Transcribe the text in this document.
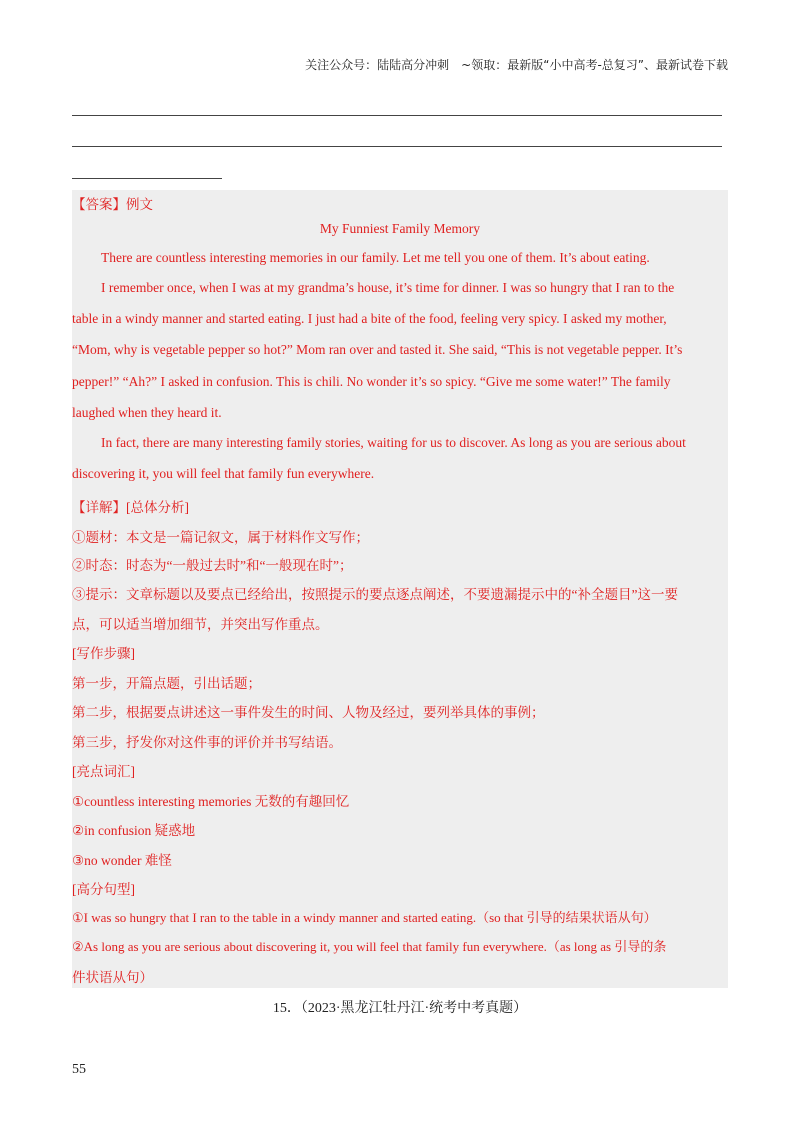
关注公众号：陆陆高分冲刺　~领取：最新版“小中高考-总复习”、最新试卷下载
【答案】例文
My Funniest Family Memory
There are countless interesting memories in our family. Let me tell you one of them. It’s about eating.
I remember once, when I was at my grandma’s house, it’s time for dinner. I was so hungry that I ran to the
table in a windy manner and started eating. I just had a bite of the food, feeling very spicy. I asked my mother,
“Mom, why is vegetable pepper so hot?” Mom ran over and tasted it. She said, “This is not vegetable pepper. It’s
pepper!” “Ah?” I asked in confusion. This is chili. No wonder it’s so spicy. “Give me some water!” The family
laughed when they heard it.
In fact, there are many interesting family stories, waiting for us to discover. As long as you are serious about
discovering it, you will feel that family fun everywhere.
【详解】[总体分析]
①题材：本文是一篇记叙文，属于材料作文写作；
②时态：时态为“一般过去时”和“一般现在时”；
③提示：文章标题以及要点已经给出，按照提示的要点逐点阐述，不要遗漏提示中的“补全题目”这一要
点，可以适当增加细节，并突出写作重点。
[写作步骤]
第一步，开篇点题，引出话题；
第二步，根据要点讲述这一事件发生的时间、人物及经过，要列举具体的事例；
第三步，抒发你对这件事的评价并书写结语。
[亮点词汇]
①countless interesting memories 无数的有趣回忆
②in confusion 疑惑地
③no wonder 难怪
[高分句型]
①I was so hungry that I ran to the table in a windy manner and started eating.（so that 引导的结果状语从句）
②As long as you are serious about discovering it, you will feel that family fun everywhere.（as long as 引导的条
件状语从句）
15．（2023·黑龙江牡丹江·统考中考真题）
55
